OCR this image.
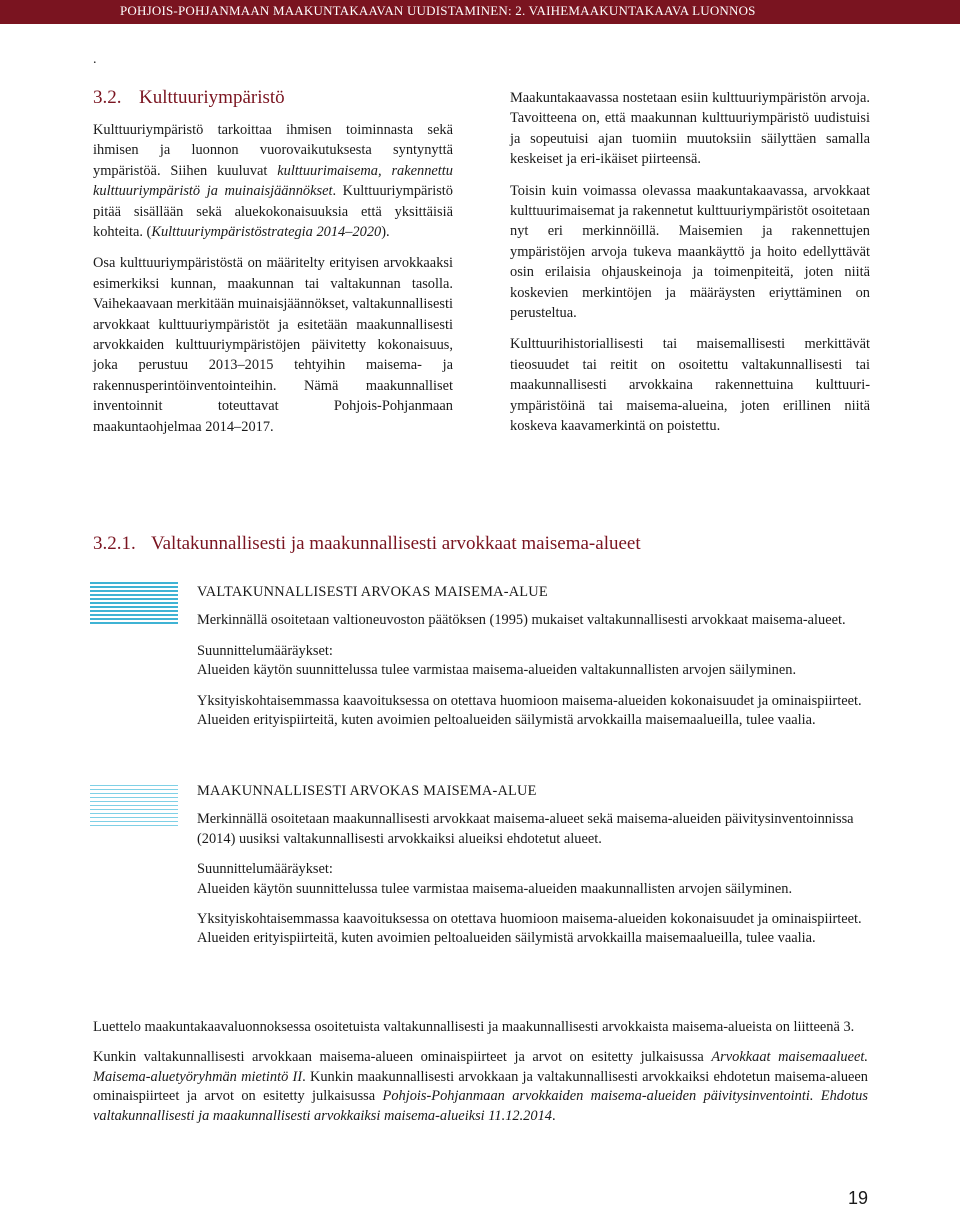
POHJOIS-POHJANMAAN MAAKUNTAKAAVAN UUDISTAMINEN: 2. VAIHEMAAKUNTAKAAVA LUONNOS
.
3.2. Kulttuuriympäristö

Kulttuuriympäristö tarkoittaa ihmisen toiminnasta sekä ihmisen ja luonnon vuorovaikutuksesta syntynyttä ympäristöä. Siihen kuuluvat kulttuurimaisema, rakennettu kulttuuriympäristö ja muinaisjäännökset. Kulttuuriympäristö pitää sisällään sekä aluekokonaisuuksia että yksittäisiä kohteita. (Kulttuuriympäristöstrategia 2014–2020).

Osa kulttuuriympäristöstä on määritelty erityisen arvokkaaksi esimerkiksi kunnan, maakunnan tai valtakunnan tasolla. Vaihekaavaan merkitään muinaisjäännökset, valtakunnallisesti arvokkaat kulttuuriympäristöt ja esitetään maakunnallisesti arvokkaiden kulttuuriympäristöjen päivitetty kokonaisuus, joka perustuu 2013–2015 tehtyihin maisema- ja rakennusperintöinventointeihin. Nämä maakunnalliset inventoinnit toteuttavat Pohjois-Pohjanmaan maakuntaohjelmaa 2014–2017.

Maakuntakaavassa nostetaan esiin kulttuuriympäristön arvoja. Tavoitteena on, että maakunnan kulttuuriympäristö uudistuisi ja sopeutuisi ajan tuomiin muutoksiin säilyttäen samalla keskeiset ja eri-ikäiset piirteensä.

Toisin kuin voimassa olevassa maakuntakaavassa, arvokkaat kulttuurimaisemat ja rakennetut kulttuuriympäristöt osoitetaan nyt eri merkinnöillä. Maisemien ja rakennettujen ympäristöjen arvoja tukeva maankäyttö ja hoito edellyttävät osin erilaisia ohjauskeinoja ja toimenpiteitä, joten niitä koskevien merkintöjen ja määräysten eriyttäminen on perusteltua.

Kulttuurihistoriallisesti tai maisemallisesti merkittävät tieosuudet tai reitit on osoitettu valtakunnallisesti tai maakunnallisesti arvokkaina rakennettuina kulttuuriympäristöinä tai maisema-alueina, joten erillinen niitä koskeva kaavamerkintä on poistettu.

3.2.1. Valtakunnallisesti ja maakunnallisesti arvokkaat maisema-alueet

VALTAKUNNALLISESTI ARVOKAS MAISEMA-ALUE

Merkinnällä osoitetaan valtioneuvoston päätöksen (1995) mukaiset valtakunnallisesti arvokkaat maisema-alueet.

Suunnittelumääräykset:

Alueiden käytön suunnittelussa tulee varmistaa maisema-alueiden valtakunnallisten arvojen säilyminen.

Yksityiskohtaisemmassa kaavoituksessa on otettava huomioon maisema-alueiden kokonaisuudet ja ominaispiirteet. Alueiden erityispiirteitä, kuten avoimien peltoalueiden säilymistä arvokkailla maisemaalueilla, tulee vaalia.

MAAKUNNALLISESTI ARVOKAS MAISEMA-ALUE

Merkinnällä osoitetaan maakunnallisesti arvokkaat maisema-alueet sekä maisema-alueiden päivitysinventoinnissa (2014) uusiksi valtakunnallisesti arvokkaiksi alueiksi ehdotetut alueet.

Suunnittelumääräykset:

Alueiden käytön suunnittelussa tulee varmistaa maisema-alueiden maakunnallisten arvojen säilyminen.

Yksityiskohtaisemmassa kaavoituksessa on otettava huomioon maisema-alueiden kokonaisuudet ja ominaispiirteet. Alueiden erityispiirteitä, kuten avoimien peltoalueiden säilymistä arvokkailla maisemaalueilla, tulee vaalia.

Luettelo maakuntakaavaluonnoksessa osoitetuista valtakunnallisesti ja maakunnallisesti arvokkaista maisema-alueista on liitteenä 3.

Kunkin valtakunnallisesti arvokkaan maisema-alueen ominaispiirteet ja arvot on esitetty julkaisussa Arvokkaat maisemaalueet. Maisema-aluetyöryhmän mietintö II. Kunkin maakunnallisesti arvokkaan ja valtakunnallisesti arvokkaiksi ehdotetun maisema-alueen ominaispiirteet ja arvot on esitetty julkaisussa Pohjois-Pohjanmaan arvokkaiden maisema-alueiden päivitysinventointi. Ehdotus valtakunnallisesti ja maakunnallisesti arvokkaiksi maisema-alueiksi 11.12.2014.

19
